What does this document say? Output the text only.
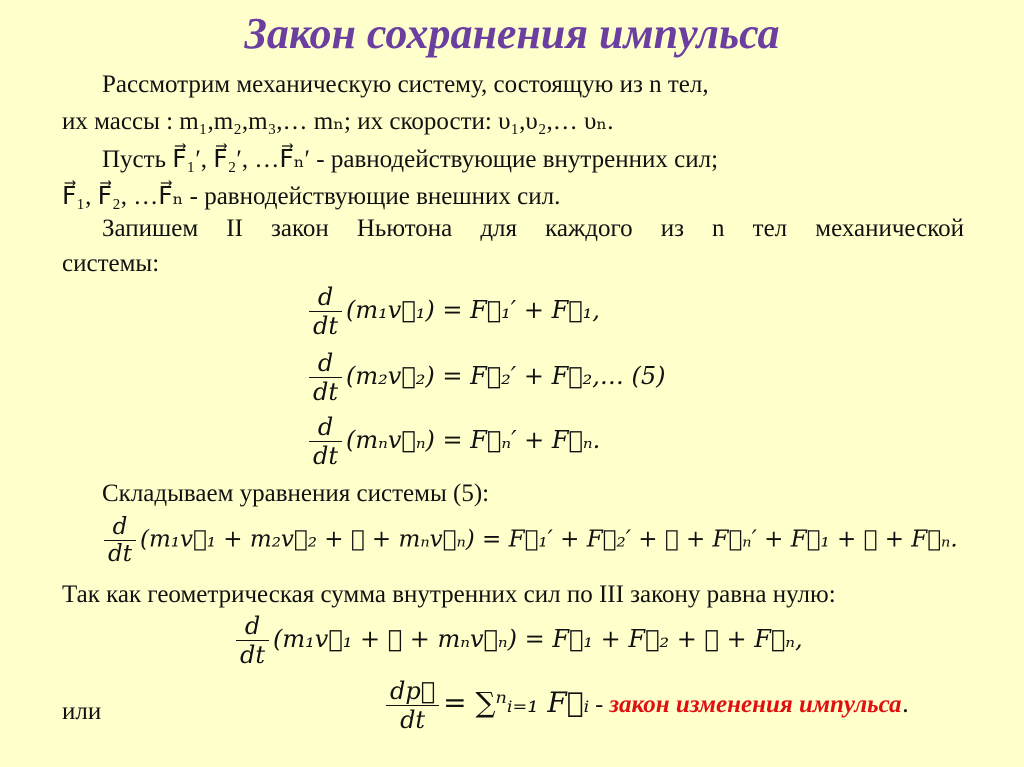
Закон сохранения импульса
Рассмотрим механическую систему, состоящую из n тел,
их массы : m₁,m₂,m₃,… mₙ; их скорости: υ₁,υ₂,… υₙ.
Пусть F⃗₁′, F⃗₂′, …F⃗ₙ′ - равнодействующие внутренних сил;
F⃗₁, F⃗₂, …F⃗ₙ - равнодействующие внешних сил.
Запишем II закон Ньютона для каждого из n тел механической
системы:
$\frac{d}{dt}$ (m₁v⃗₁) = F⃗₁′ + F⃗₁,
$\frac{d}{dt}$ (m₂v⃗₂) = F⃗₂′ + F⃗₂,… (5)
$\frac{d}{dt}$ (mₙv⃗ₙ) = F⃗ₙ′ + F⃗ₙ.
Складываем уравнения системы (5):
$\frac{d}{dt}$ (m₁v⃗₁ + m₂v⃗₂ + ⋯ + mₙv⃗ₙ) = F⃗₁′ + F⃗₂′ + ⋯ + F⃗ₙ′ + F⃗₁ + ⋯ + F⃗ₙ.
Так как геометрическая сумма внутренних сил по III закону равна нулю:
$\frac{d}{dt}$ (m₁v⃗₁ + ⋯ + mₙv⃗ₙ) = F⃗₁ + F⃗₂ + ⋯ + F⃗ₙ,
или	$\frac{dp⃗}{dt}$ = ∑ⁿᵢ₌₁ F⃗ᵢ - закон изменения импульса.
